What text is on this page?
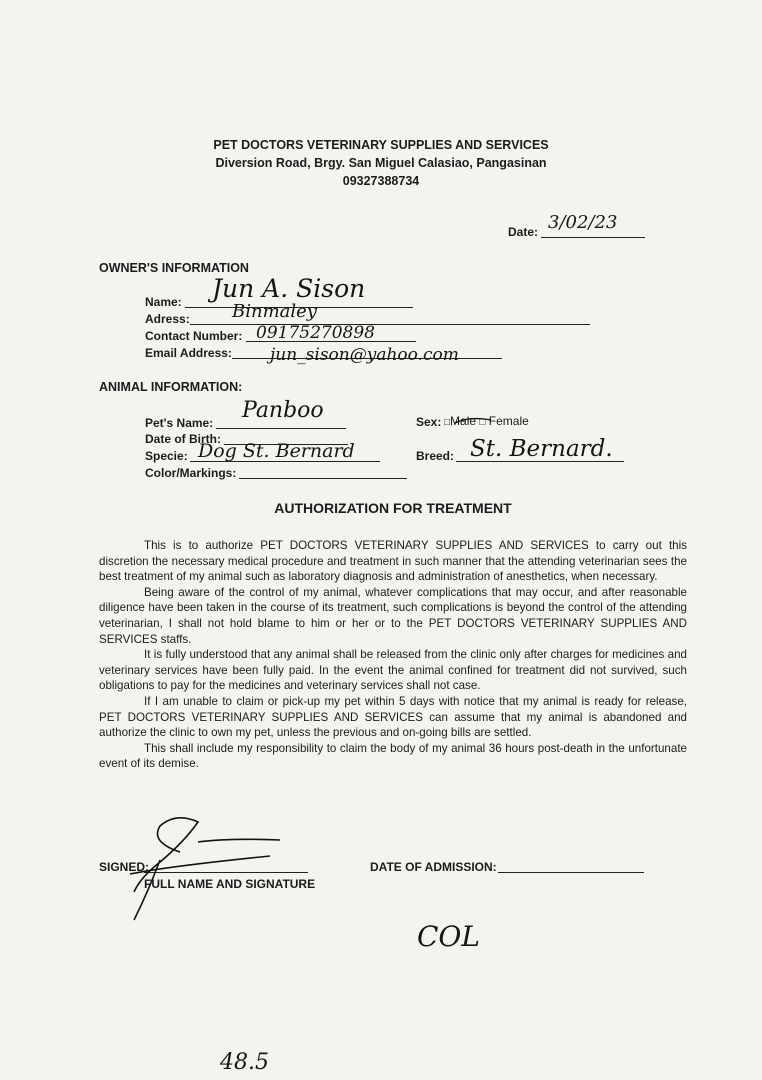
PET DOCTORS VETERINARY SUPPLIES AND SERVICES
Diversion Road, Brgy. San Miguel Calasiao, Pangasinan
09327388734
Date: 3/02/23
OWNER'S INFORMATION
Name: Jun A. Sison
Adress: Binmaley
Contact Number: 09175270898
Email Address: jun_sison@yahoo.com
ANIMAL INFORMATION:
Pet's Name: Panboo
Date of Birth:
Specie: Dog St. Bernard
Color/Markings:
Sex: □Male □ Female
Breed: St. Bernard.
AUTHORIZATION FOR TREATMENT

This is to authorize PET DOCTORS VETERINARY SUPPLIES AND SERVICES to carry out this discretion the necessary medical procedure and treatment in such manner that the attending veterinarian sees the best treatment of my animal such as laboratory diagnosis and administration of anesthetics, when necessary.

Being aware of the control of my animal, whatever complications that may occur, and after reasonable diligence have been taken in the course of its treatment, such complications is beyond the control of the attending veterinarian, I shall not hold blame to him or her or to the PET DOCTORS VETERINARY SUPPLIES AND SERVICES staffs.

It is fully understood that any animal shall be released from the clinic only after charges for medicines and veterinary services have been fully paid. In the event the animal confined for treatment did not survived, such obligations to pay for the medicines and veterinary services shall not case.

If I am unable to claim or pick-up my pet within 5 days with notice that my animal is ready for release, PET DOCTORS VETERINARY SUPPLIES AND SERVICES can assume that my animal is abandoned and authorize the clinic to own my pet, unless the previous and on-going bills are settled.

This shall include my responsibility to claim the body of my animal 36 hours post-death in the unfortunate event of its demise.

SIGNED:
FULL NAME AND SIGNATURE
DATE OF ADMISSION:
COL
48.5
